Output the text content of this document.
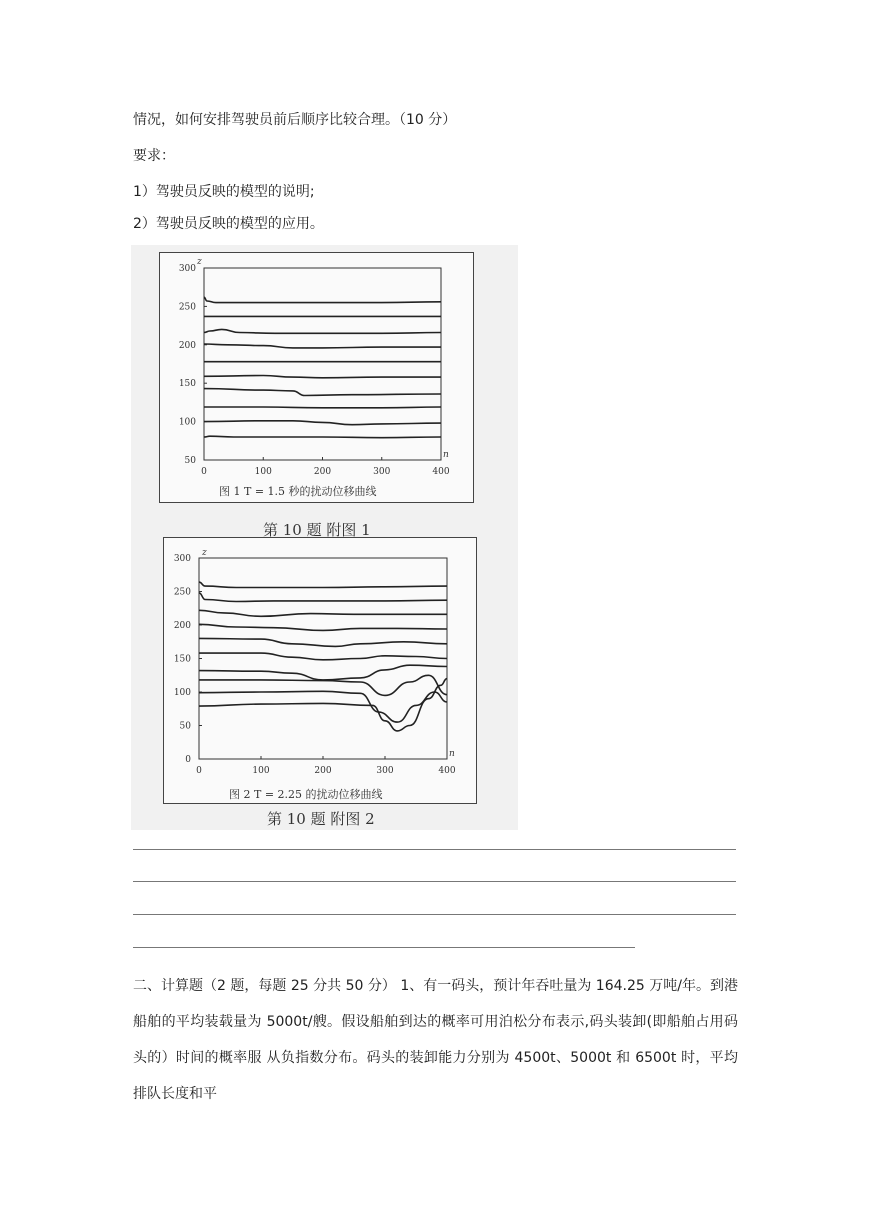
情况，如何安排驾驶员前后顺序比较合理。（10 分）
要求：
1）驾驶员反映的模型的说明;
2）驾驶员反映的模型的应用。
0	100	200	300	400
50
100
150
200
250
300
n
z
图 1 T = 1.5 秒的扰动位移曲线
0	100	200	300	400
0
50
100
150
200
250
300
n
z
图 2 T = 2.25 的扰动位移曲线
第 10 题 附图 1
第 10 题 附图 2
二、计算题（2 题，每题 25 分共 50 分） 1、有一码头，预计年吞吐量为 164.25 万吨/年。到港船舶的平均装载量为 5000t/艘。假设船舶到达的概率可用泊松分布表示,码头装卸(即船舶占用码头的）时间的概率服 从负指数分布。码头的装卸能力分别为 4500t、5000t 和 6500t 时，平均排队长度和平
